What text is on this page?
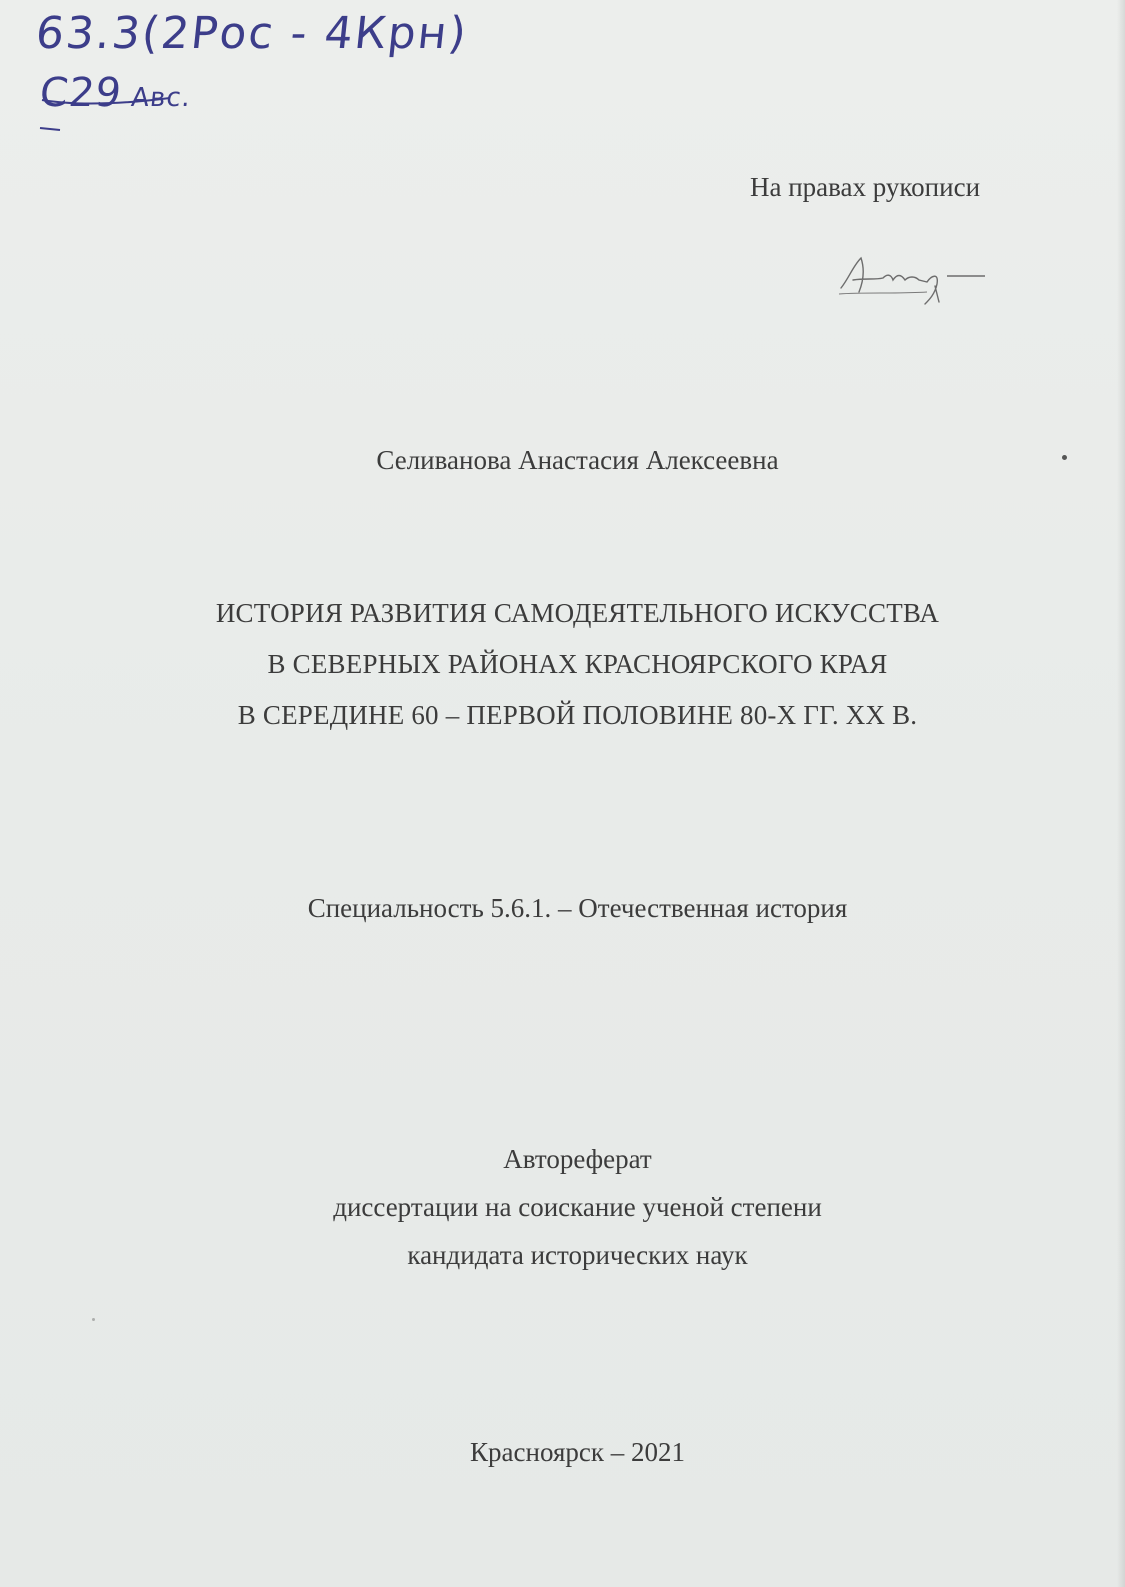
63.3(2Рос - 4Крн)
С29 Авс.
На правах рукописи
Селиванова Анастасия Алексеевна
ИСТОРИЯ РАЗВИТИЯ САМОДЕЯТЕЛЬНОГО ИСКУССТВА
В СЕВЕРНЫХ РАЙОНАХ КРАСНОЯРСКОГО КРАЯ
В СЕРЕДИНЕ 60 – ПЕРВОЙ ПОЛОВИНЕ 80-Х ГГ. XX В.
Специальность 5.6.1. – Отечественная история
Автореферат
диссертации на соискание ученой степени
кандидата исторических наук
Красноярск – 2021
